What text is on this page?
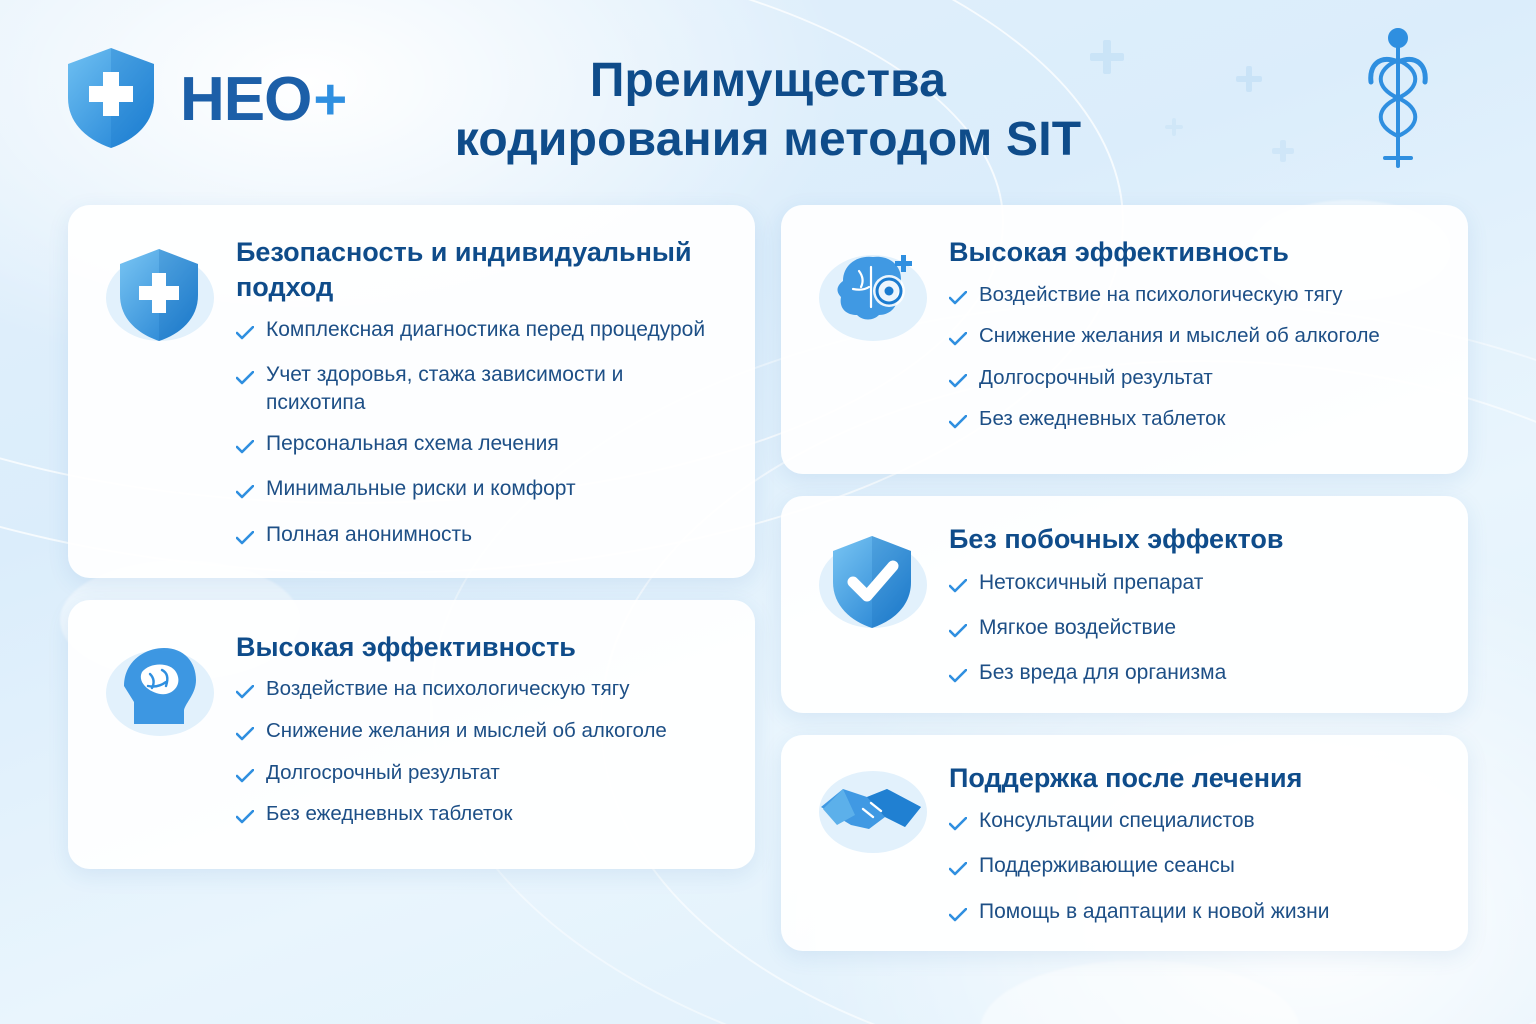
HEO +	Преимущества
кодирования методом SIT
Безопасность и индивидуальный подход
Комплексная диагностика перед процедурой
Учет здоровья, стажа зависимости и психотипа
Персональная схема лечения
Минимальные риски и комфорт
Полная анонимность
Высокая эффективность
Воздействие на психологическую тягу
Снижение желания и мыслей об алкоголе
Долгосрочный результат
Без ежедневных таблеток
Высокая эффективность
Воздействие на психологическую тягу
Снижение желания и мыслей об алкоголе
Долгосрочный результат
Без ежедневных таблеток
Без побочных эффектов
Нетоксичный препарат
Мягкое воздействие
Без вреда для организма
Поддержка после лечения
Консультации специалистов
Поддерживающие сеансы
Помощь в адаптации к новой жизни
